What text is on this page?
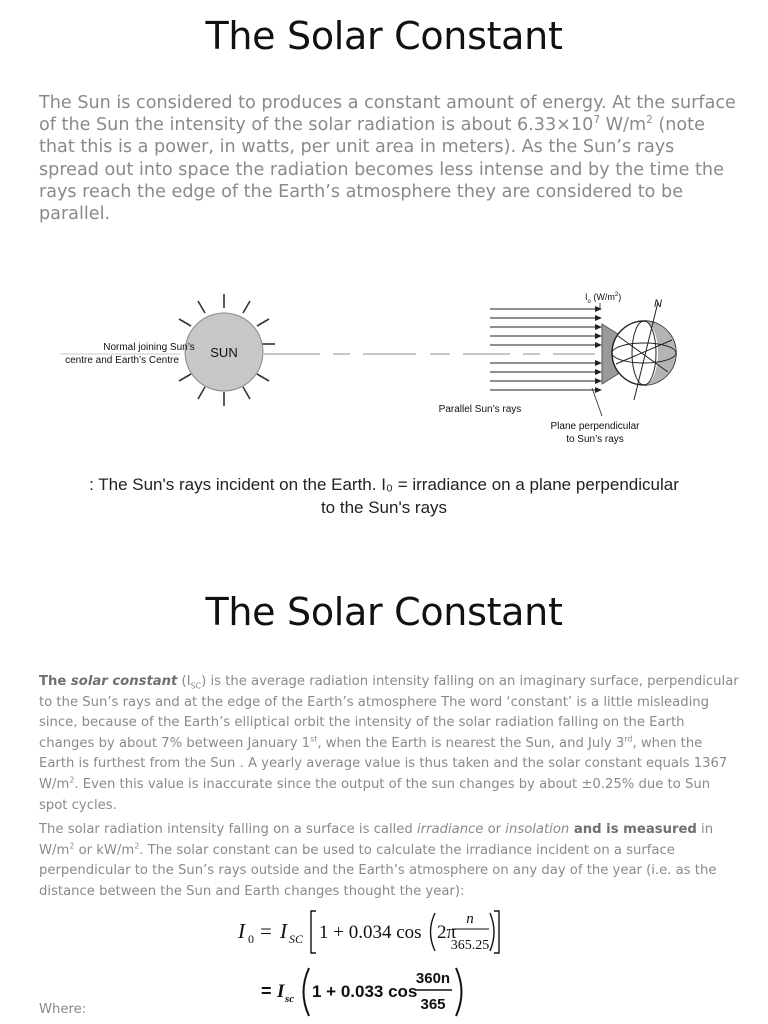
The Solar Constant
The Sun is considered to produces a constant amount of energy. At the surface of the Sun the intensity of the solar radiation is about $6.33\times 10^7$ $W/m^2$ (note that this is a power, in watts, per unit area in meters). As the Sun’s rays spread out into space the radiation becomes less intense and by the time the rays reach the edge of the Earth’s atmosphere they are considered to be parallel.
SUN
Normal joining Sun’s
centre and Earth’s Centre
$I_o$ $(W/m^2)$
N
Parallel Sun’s rays
Plane perpendicular
to Sun’s rays
: The Sun's rays incident on the Earth. I₀ = irradiance on a plane perpendicular to the Sun's rays
The Solar Constant
The solar constant $(I_{SC})$ is the average radiation intensity falling on an imaginary surface, perpendicular to the Sun’s rays and at the edge of the Earth’s atmosphere The word ‘constant’ is a little misleading since, because of the Earth’s elliptical orbit the intensity of the solar radiation falling on the Earth changes by about 7% between January 1st, when the Earth is nearest the Sun, and July 3rd, when the Earth is furthest from the Sun . A yearly average value is thus taken and the solar constant equals 1367 $W/m^2$. Even this value is inaccurate since the output of the sun changes by about ±0.25% due to Sun spot cycles.
The solar radiation intensity falling on a surface is called irradiance or insolation and is measured in $W/m^2$ or $kW/m^2$. The solar constant can be used to calculate the irradiance incident on a surface perpendicular to the Sun’s rays outside and the Earth’s atmosphere on any day of the year (i.e. as the distance between the Sun and Earth changes thought the year):
I 0 = I SC 1 + 0.034 cos 2π
n
365.25
= I sc 1 + 0.033 cos
360n
365
Where:
